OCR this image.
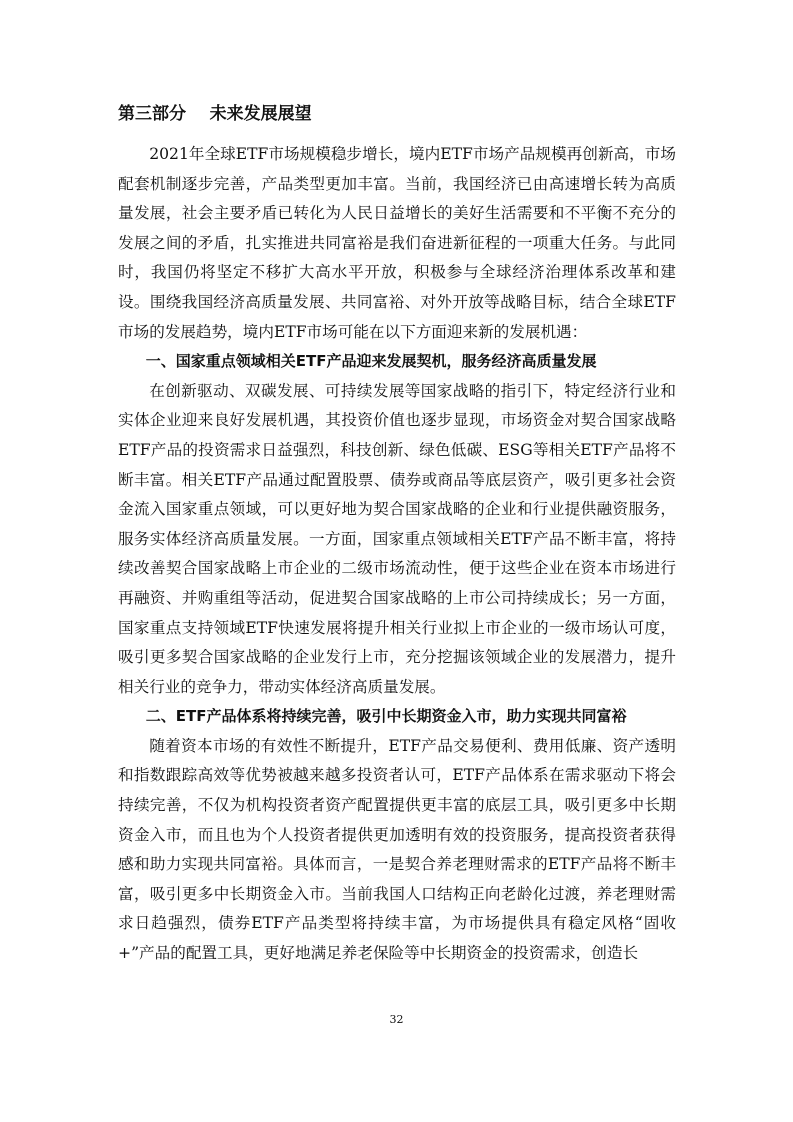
第三部分    未来发展展望

2021年全球ETF市场规模稳步增长，境内ETF市场产品规模再创新高，市场配套机制逐步完善，产品类型更加丰富。当前，我国经济已由高速增长转为高质量发展，社会主要矛盾已转化为人民日益增长的美好生活需要和不平衡不充分的发展之间的矛盾，扎实推进共同富裕是我们奋进新征程的一项重大任务。与此同时，我国仍将坚定不移扩大高水平开放，积极参与全球经济治理体系改革和建设。围绕我国经济高质量发展、共同富裕、对外开放等战略目标，结合全球ETF市场的发展趋势，境内ETF市场可能在以下方面迎来新的发展机遇：

一、国家重点领域相关ETF产品迎来发展契机，服务经济高质量发展

在创新驱动、双碳发展、可持续发展等国家战略的指引下，特定经济行业和实体企业迎来良好发展机遇，其投资价值也逐步显现，市场资金对契合国家战略ETF产品的投资需求日益强烈，科技创新、绿色低碳、ESG等相关ETF产品将不断丰富。相关ETF产品通过配置股票、债券或商品等底层资产，吸引更多社会资金流入国家重点领域，可以更好地为契合国家战略的企业和行业提供融资服务，服务实体经济高质量发展。一方面，国家重点领域相关ETF产品不断丰富，将持续改善契合国家战略上市企业的二级市场流动性，便于这些企业在资本市场进行再融资、并购重组等活动，促进契合国家战略的上市公司持续成长；另一方面，国家重点支持领域ETF快速发展将提升相关行业拟上市企业的一级市场认可度，吸引更多契合国家战略的企业发行上市，充分挖掘该领域企业的发展潜力，提升相关行业的竞争力，带动实体经济高质量发展。

二、ETF产品体系将持续完善，吸引中长期资金入市，助力实现共同富裕

随着资本市场的有效性不断提升，ETF产品交易便利、费用低廉、资产透明和指数跟踪高效等优势被越来越多投资者认可，ETF产品体系在需求驱动下将会持续完善，不仅为机构投资者资产配置提供更丰富的底层工具，吸引更多中长期资金入市，而且也为个人投资者提供更加透明有效的投资服务，提高投资者获得感和助力实现共同富裕。具体而言，一是契合养老理财需求的ETF产品将不断丰富，吸引更多中长期资金入市。当前我国人口结构正向老龄化过渡，养老理财需求日趋强烈，债券ETF产品类型将持续丰富，为市场提供具有稳定风格“固收+”产品的配置工具，更好地满足养老保险等中长期资金的投资需求，创造长

32
